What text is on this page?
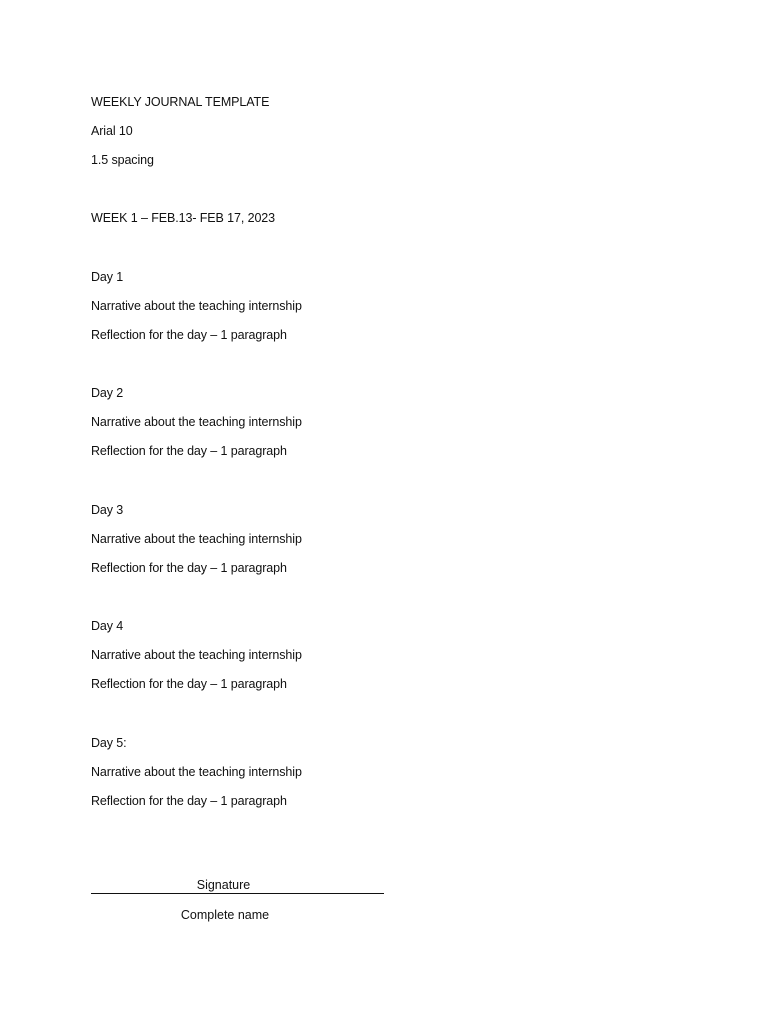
WEEKLY JOURNAL TEMPLATE
Arial 10
1.5 spacing
WEEK 1 – FEB.13- FEB 17, 2023
Day 1
Narrative about the teaching internship
Reflection for the day – 1 paragraph
Day 2
Narrative about the teaching internship
Reflection for the day – 1 paragraph
Day 3
Narrative about the teaching internship
Reflection for the day – 1 paragraph
Day 4
Narrative about the teaching internship
Reflection for the day – 1 paragraph
Day 5:
Narrative about the teaching internship
Reflection for the day – 1 paragraph
Signature
Complete name
